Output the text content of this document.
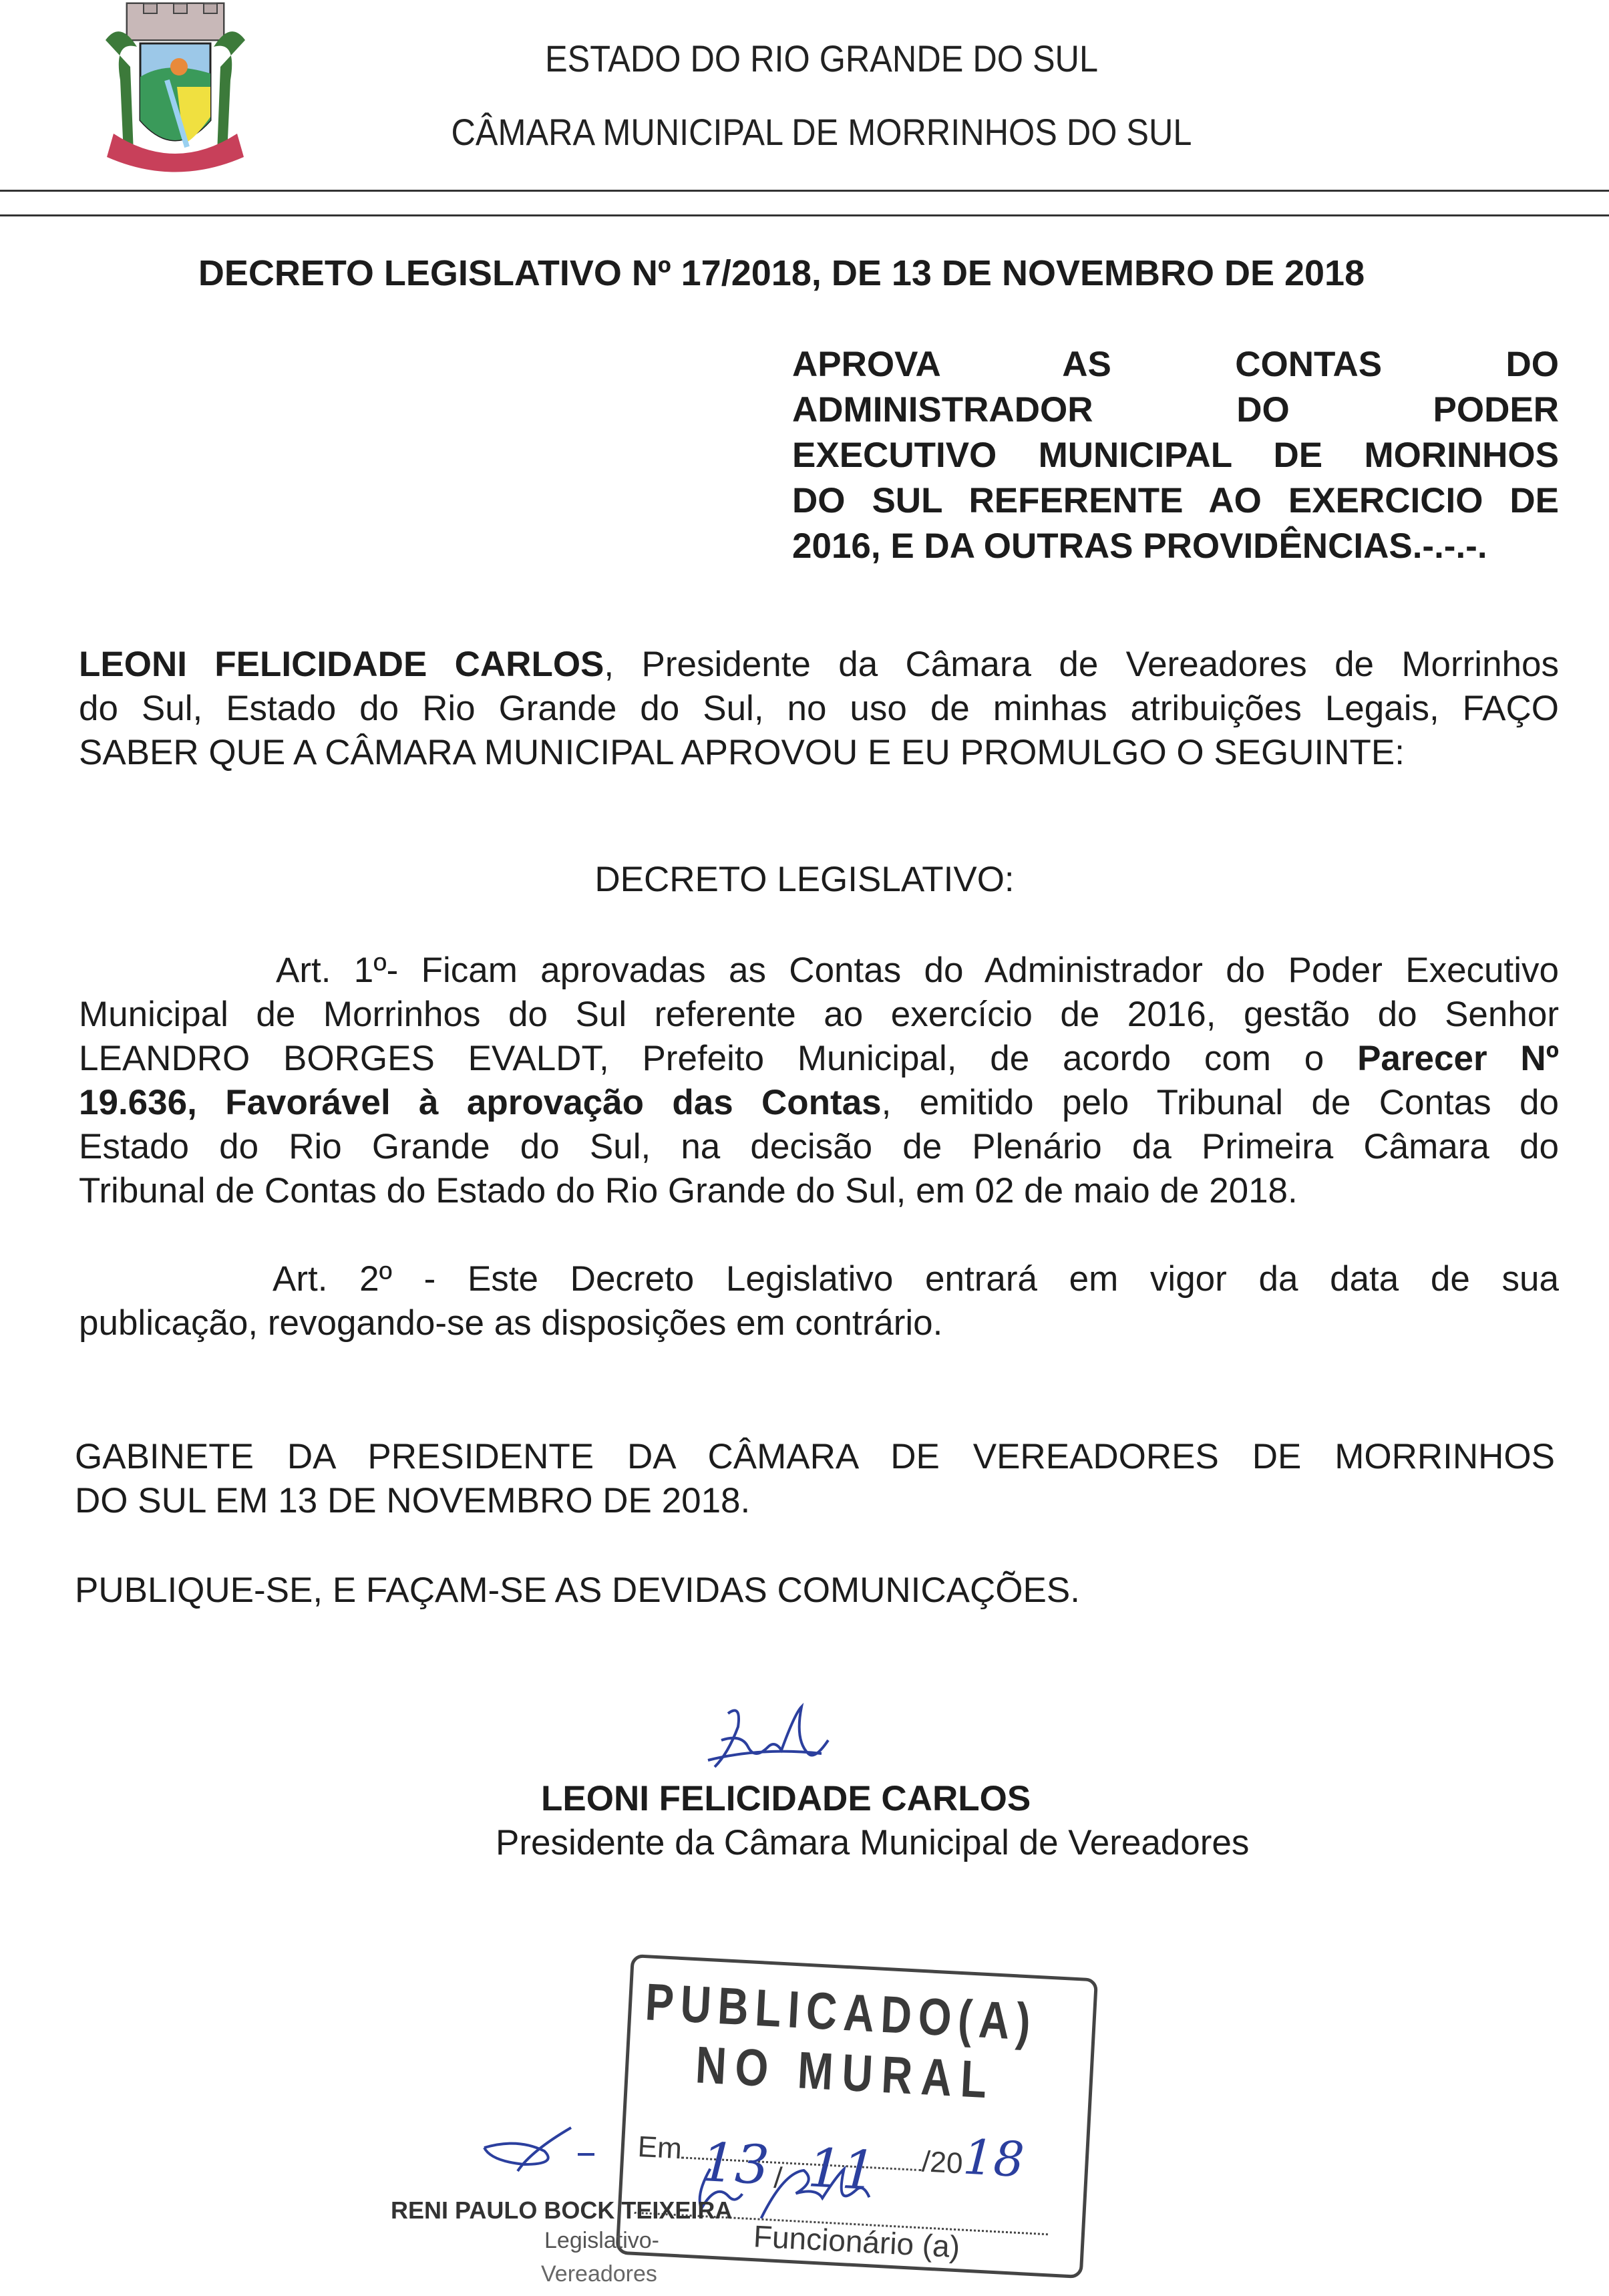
ESTADO DO RIO GRANDE DO SUL
CÂMARA MUNICIPAL DE MORRINHOS DO SUL
DECRETO LEGISLATIVO Nº 17/2018, DE 13 DE NOVEMBRO DE 2018
APROVA AS CONTAS DO
ADMINISTRADOR DO PODER
EXECUTIVO MUNICIPAL DE MORINHOS
DO SUL REFERENTE AO EXERCICIO DE
2016, E DA OUTRAS PROVIDÊNCIAS.-.-.-.
LEONI FELICIDADE CARLOS, Presidente da Câmara de Vereadores de Morrinhos
do Sul, Estado do Rio Grande do Sul, no uso de minhas atribuições Legais, FAÇO
SABER QUE A CÂMARA MUNICIPAL APROVOU E EU PROMULGO O SEGUINTE:
DECRETO LEGISLATIVO:
Art. 1º- Ficam aprovadas as Contas do Administrador do Poder Executivo
Municipal de Morrinhos do Sul referente ao exercício de 2016, gestão do Senhor
LEANDRO BORGES EVALDT, Prefeito Municipal, de acordo com o Parecer Nº
19.636, Favorável à aprovação das Contas, emitido pelo Tribunal de Contas do
Estado do Rio Grande do Sul, na decisão de Plenário da Primeira Câmara do
Tribunal de Contas do Estado do Rio Grande do Sul, em 02 de maio de 2018.
Art. 2º - Este Decreto Legislativo entrará em vigor da data de sua
publicação, revogando-se as disposições em contrário.
GABINETE DA PRESIDENTE DA CÂMARA DE VEREADORES DE MORRINHOS
DO SUL EM 13 DE NOVEMBRO DE 2018.
PUBLIQUE-SE, E FAÇAM-SE AS DEVIDAS COMUNICAÇÕES.
LEONI FELICIDADE CARLOS
Presidente da Câmara Municipal de Vereadores
PUBLICADO(A)
NO MURAL
Em 13 / 11 /2018
Funcionário (a)
RENI PAULO BOCK TEIXEIRA
Legislativo-
Vereadores
